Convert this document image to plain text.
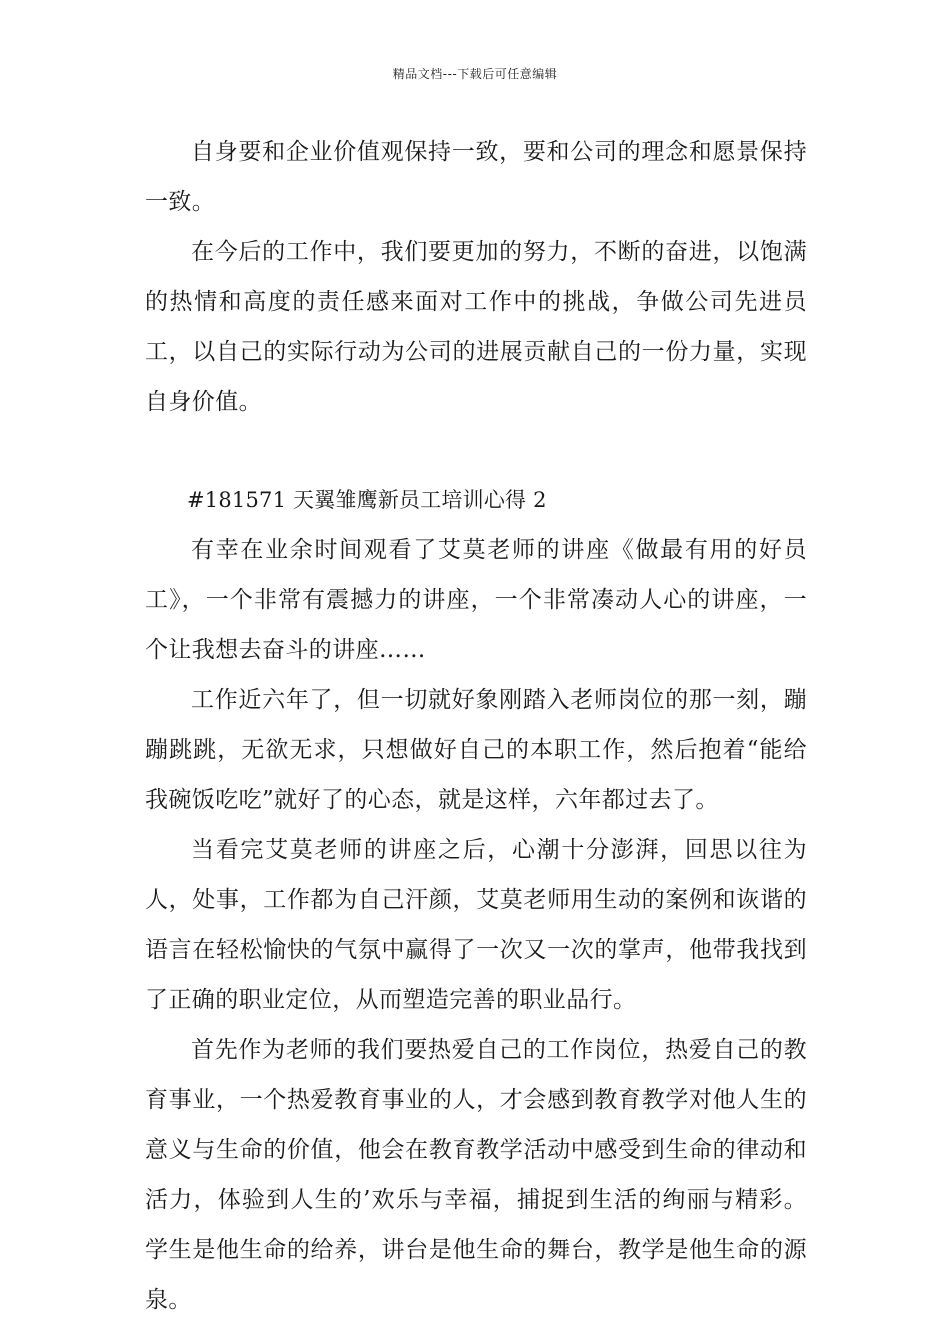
精品文档---下载后可任意编辑

自身要和企业价值观保持一致，要和公司的理念和愿景保持一致。

在今后的工作中，我们要更加的努力，不断的奋进，以饱满的热情和高度的责任感来面对工作中的挑战，争做公司先进员工，以自己的实际行动为公司的进展贡献自己的一份力量，实现自身价值。

#181571 天翼雏鹰新员工培训心得 2

有幸在业余时间观看了艾莫老师的讲座《做最有用的好员工》，一个非常有震撼力的讲座，一个非常凑动人心的讲座，一个让我想去奋斗的讲座……

工作近六年了，但一切就好象刚踏入老师岗位的那一刻，蹦蹦跳跳，无欲无求，只想做好自己的本职工作，然后抱着“能给我碗饭吃吃”就好了的心态，就是这样，六年都过去了。

当看完艾莫老师的讲座之后，心潮十分澎湃，回思以往为人，处事，工作都为自己汗颜，艾莫老师用生动的案例和诙谐的语言在轻松愉快的气氛中赢得了一次又一次的掌声，他带我找到了正确的职业定位，从而塑造完善的职业品行。

首先作为老师的我们要热爱自己的工作岗位，热爱自己的教育事业，一个热爱教育事业的人，才会感到教育教学对他人生的意义与生命的价值，他会在教育教学活动中感受到生命的律动和活力，体验到人生的’欢乐与幸福，捕捉到生活的绚丽与精彩。学生是他生命的给养，讲台是他生命的舞台，教学是他生命的源泉。
